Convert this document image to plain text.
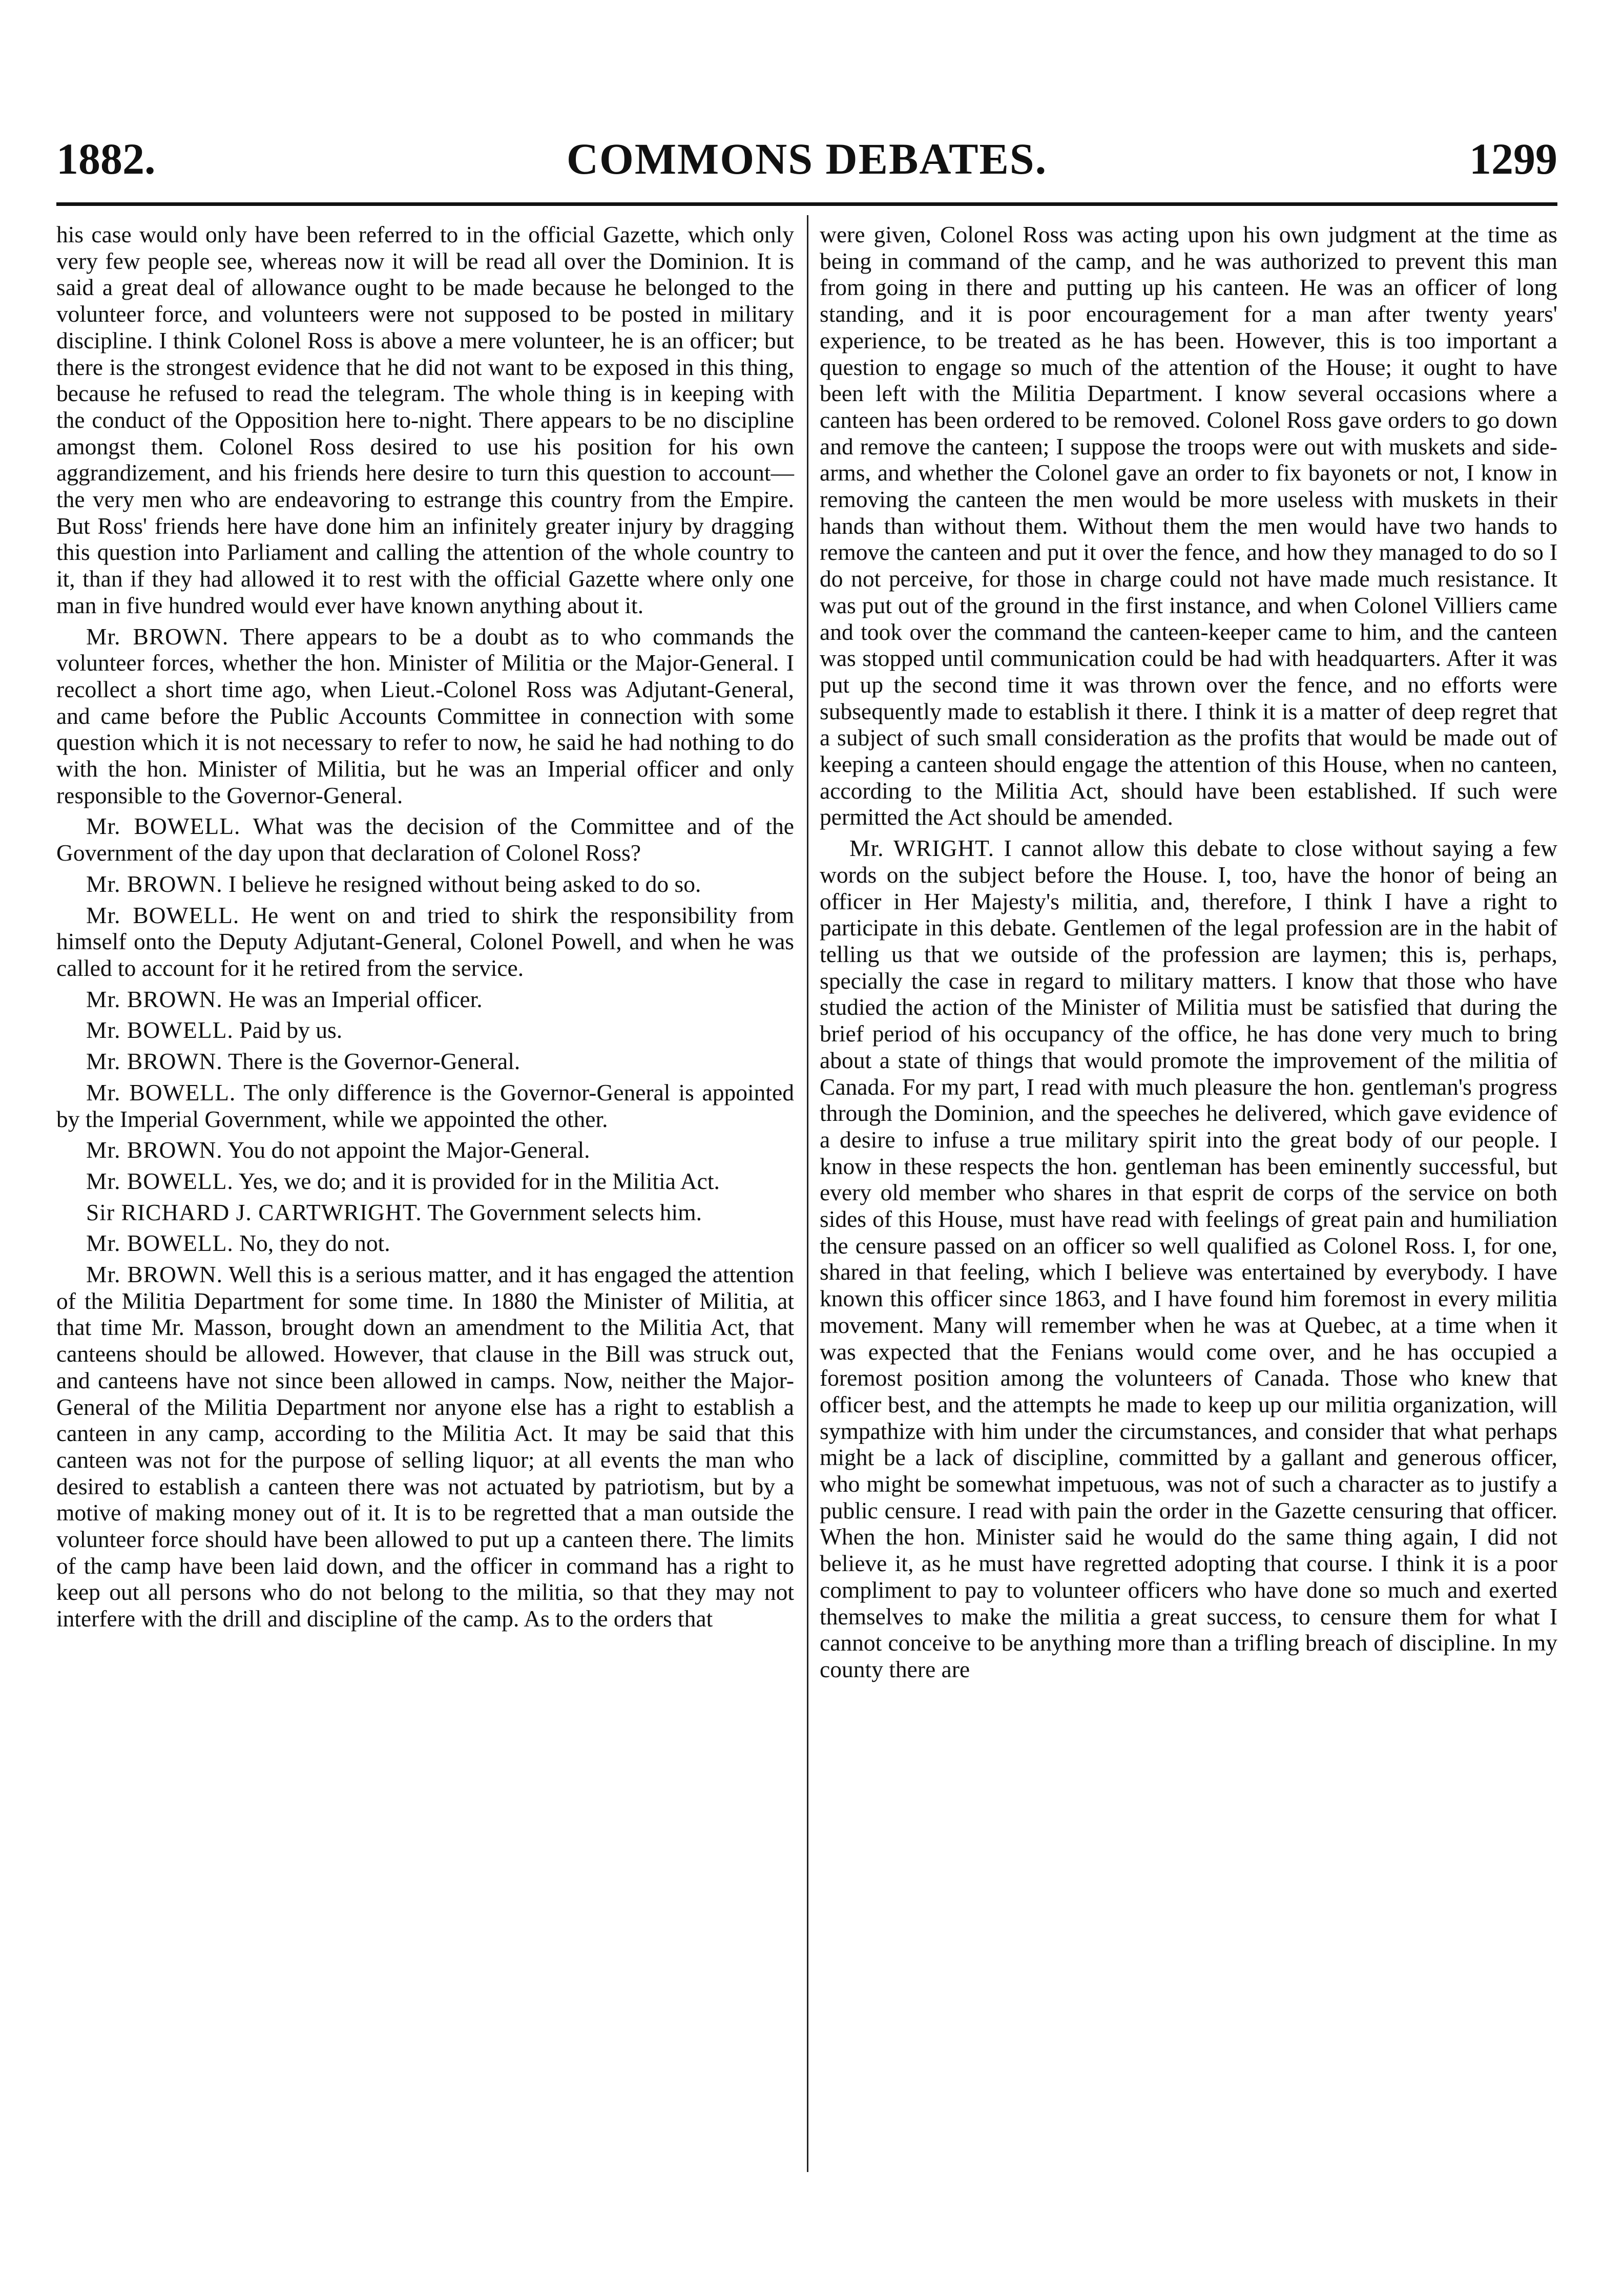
1882.	COMMONS DEBATES.	1299

his case would only have been referred to in the official Gazette, which only very few people see, whereas now it will be read all over the Dominion. It is said a great deal of allowance ought to be made because he belonged to the volunteer force, and volunteers were not supposed to be posted in military discipline. I think Colonel Ross is above a mere volunteer, he is an officer; but there is the strongest evidence that he did not want to be exposed in this thing, because he refused to read the telegram. The whole thing is in keeping with the conduct of the Opposition here to-night. There appears to be no discipline amongst them. Colonel Ross desired to use his position for his own aggrandizement, and his friends here desire to turn this question to account—the very men who are endeavoring to estrange this country from the Empire. But Ross' friends here have done him an infinitely greater injury by dragging this question into Parliament and calling the attention of the whole country to it, than if they had allowed it to rest with the official Gazette where only one man in five hundred would ever have known anything about it.

Mr. BROWN. There appears to be a doubt as to who commands the volunteer forces, whether the hon. Minister of Militia or the Major-General. I recollect a short time ago, when Lieut.-Colonel Ross was Adjutant-General, and came before the Public Accounts Committee in connection with some question which it is not necessary to refer to now, he said he had nothing to do with the hon. Minister of Militia, but he was an Imperial officer and only responsible to the Governor-General.

Mr. BOWELL. What was the decision of the Committee and of the Government of the day upon that declaration of Colonel Ross?

Mr. BROWN. I believe he resigned without being asked to do so.

Mr. BOWELL. He went on and tried to shirk the responsibility from himself onto the Deputy Adjutant-General, Colonel Powell, and when he was called to account for it he retired from the service.

Mr. BROWN. He was an Imperial officer.

Mr. BOWELL. Paid by us.

Mr. BROWN. There is the Governor-General.

Mr. BOWELL. The only difference is the Governor-General is appointed by the Imperial Government, while we appointed the other.

Mr. BROWN. You do not appoint the Major-General.

Mr. BOWELL. Yes, we do; and it is provided for in the Militia Act.

Sir RICHARD J. CARTWRIGHT. The Government selects him.

Mr. BOWELL. No, they do not.

Mr. BROWN. Well this is a serious matter, and it has engaged the attention of the Militia Department for some time. In 1880 the Minister of Militia, at that time Mr. Masson, brought down an amendment to the Militia Act, that canteens should be allowed. However, that clause in the Bill was struck out, and canteens have not since been allowed in camps. Now, neither the Major-General of the Militia Department nor anyone else has a right to establish a canteen in any camp, according to the Militia Act. It may be said that this canteen was not for the purpose of selling liquor; at all events the man who desired to establish a canteen there was not actuated by patriotism, but by a motive of making money out of it. It is to be regretted that a man outside the volunteer force should have been allowed to put up a canteen there. The limits of the camp have been laid down, and the officer in command has a right to keep out all persons who do not belong to the militia, so that they may not interfere with the drill and discipline of the camp. As to the orders that

were given, Colonel Ross was acting upon his own judgment at the time as being in command of the camp, and he was authorized to prevent this man from going in there and putting up his canteen. He was an officer of long standing, and it is poor encouragement for a man after twenty years' experience, to be treated as he has been. However, this is too important a question to engage so much of the attention of the House; it ought to have been left with the Militia Department. I know several occasions where a canteen has been ordered to be removed. Colonel Ross gave orders to go down and remove the canteen; I suppose the troops were out with muskets and side-arms, and whether the Colonel gave an order to fix bayonets or not, I know in removing the canteen the men would be more useless with muskets in their hands than without them. Without them the men would have two hands to remove the canteen and put it over the fence, and how they managed to do so I do not perceive, for those in charge could not have made much resistance. It was put out of the ground in the first instance, and when Colonel Villiers came and took over the command the canteen-keeper came to him, and the canteen was stopped until communication could be had with headquarters. After it was put up the second time it was thrown over the fence, and no efforts were subsequently made to establish it there. I think it is a matter of deep regret that a subject of such small consideration as the profits that would be made out of keeping a canteen should engage the attention of this House, when no canteen, according to the Militia Act, should have been established. If such were permitted the Act should be amended.

Mr. WRIGHT. I cannot allow this debate to close without saying a few words on the subject before the House. I, too, have the honor of being an officer in Her Majesty's militia, and, therefore, I think I have a right to participate in this debate. Gentlemen of the legal profession are in the habit of telling us that we outside of the profession are laymen; this is, perhaps, specially the case in regard to military matters. I know that those who have studied the action of the Minister of Militia must be satisfied that during the brief period of his occupancy of the office, he has done very much to bring about a state of things that would promote the improvement of the militia of Canada. For my part, I read with much pleasure the hon. gentleman's progress through the Dominion, and the speeches he delivered, which gave evidence of a desire to infuse a true military spirit into the great body of our people. I know in these respects the hon. gentleman has been eminently successful, but every old member who shares in that esprit de corps of the service on both sides of this House, must have read with feelings of great pain and humiliation the censure passed on an officer so well qualified as Colonel Ross. I, for one, shared in that feeling, which I believe was entertained by everybody. I have known this officer since 1863, and I have found him foremost in every militia movement. Many will remember when he was at Quebec, at a time when it was expected that the Fenians would come over, and he has occupied a foremost position among the volunteers of Canada. Those who knew that officer best, and the attempts he made to keep up our militia organization, will sympathize with him under the circumstances, and consider that what perhaps might be a lack of discipline, committed by a gallant and generous officer, who might be somewhat impetuous, was not of such a character as to justify a public censure. I read with pain the order in the Gazette censuring that officer. When the hon. Minister said he would do the same thing again, I did not believe it, as he must have regretted adopting that course. I think it is a poor compliment to pay to volunteer officers who have done so much and exerted themselves to make the militia a great success, to censure them for what I cannot conceive to be anything more than a trifling breach of discipline. In my county there are
